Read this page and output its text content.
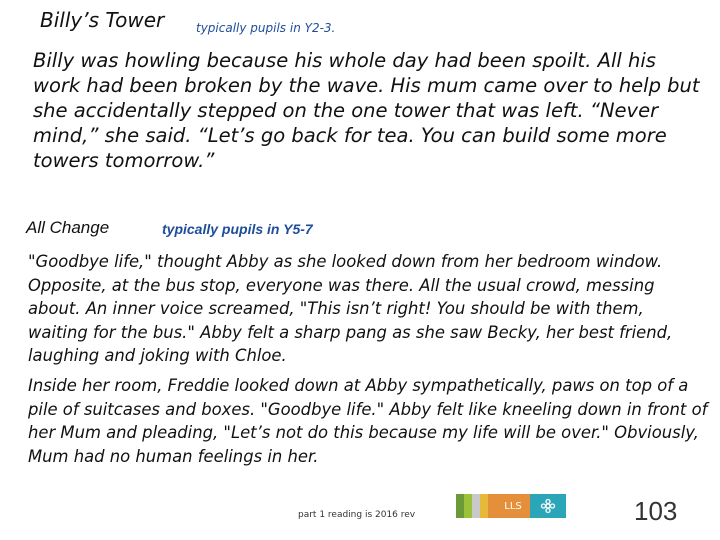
Billy’s Tower	typically pupils in Y2-3.
Billy was howling because his whole day had been spoilt. All his work had been broken by the wave. His mum came over to help but she accidentally stepped on the one tower that was left. “Never mind,” she said. “Let’s go back for tea. You can build some more towers tomorrow.”
All Change	typically pupils in Y5-7
"Goodbye life," thought Abby as she looked down from her bedroom window. Opposite, at the bus stop, everyone was there. All the usual crowd, messing about. An inner voice screamed, "This isn’t right! You should be with them, waiting for the bus." Abby felt a sharp pang as she saw Becky, her best friend, laughing and joking with Chloe.
Inside her room, Freddie looked down at Abby sympathetically, paws on top of a pile of suitcases and boxes. "Goodbye life." Abby felt like kneeling down in front of her Mum and pleading, "Let’s not do this because my life will be over." Obviously, Mum had no human feelings in her.
part 1 reading is 2016 rev
LLS	103
